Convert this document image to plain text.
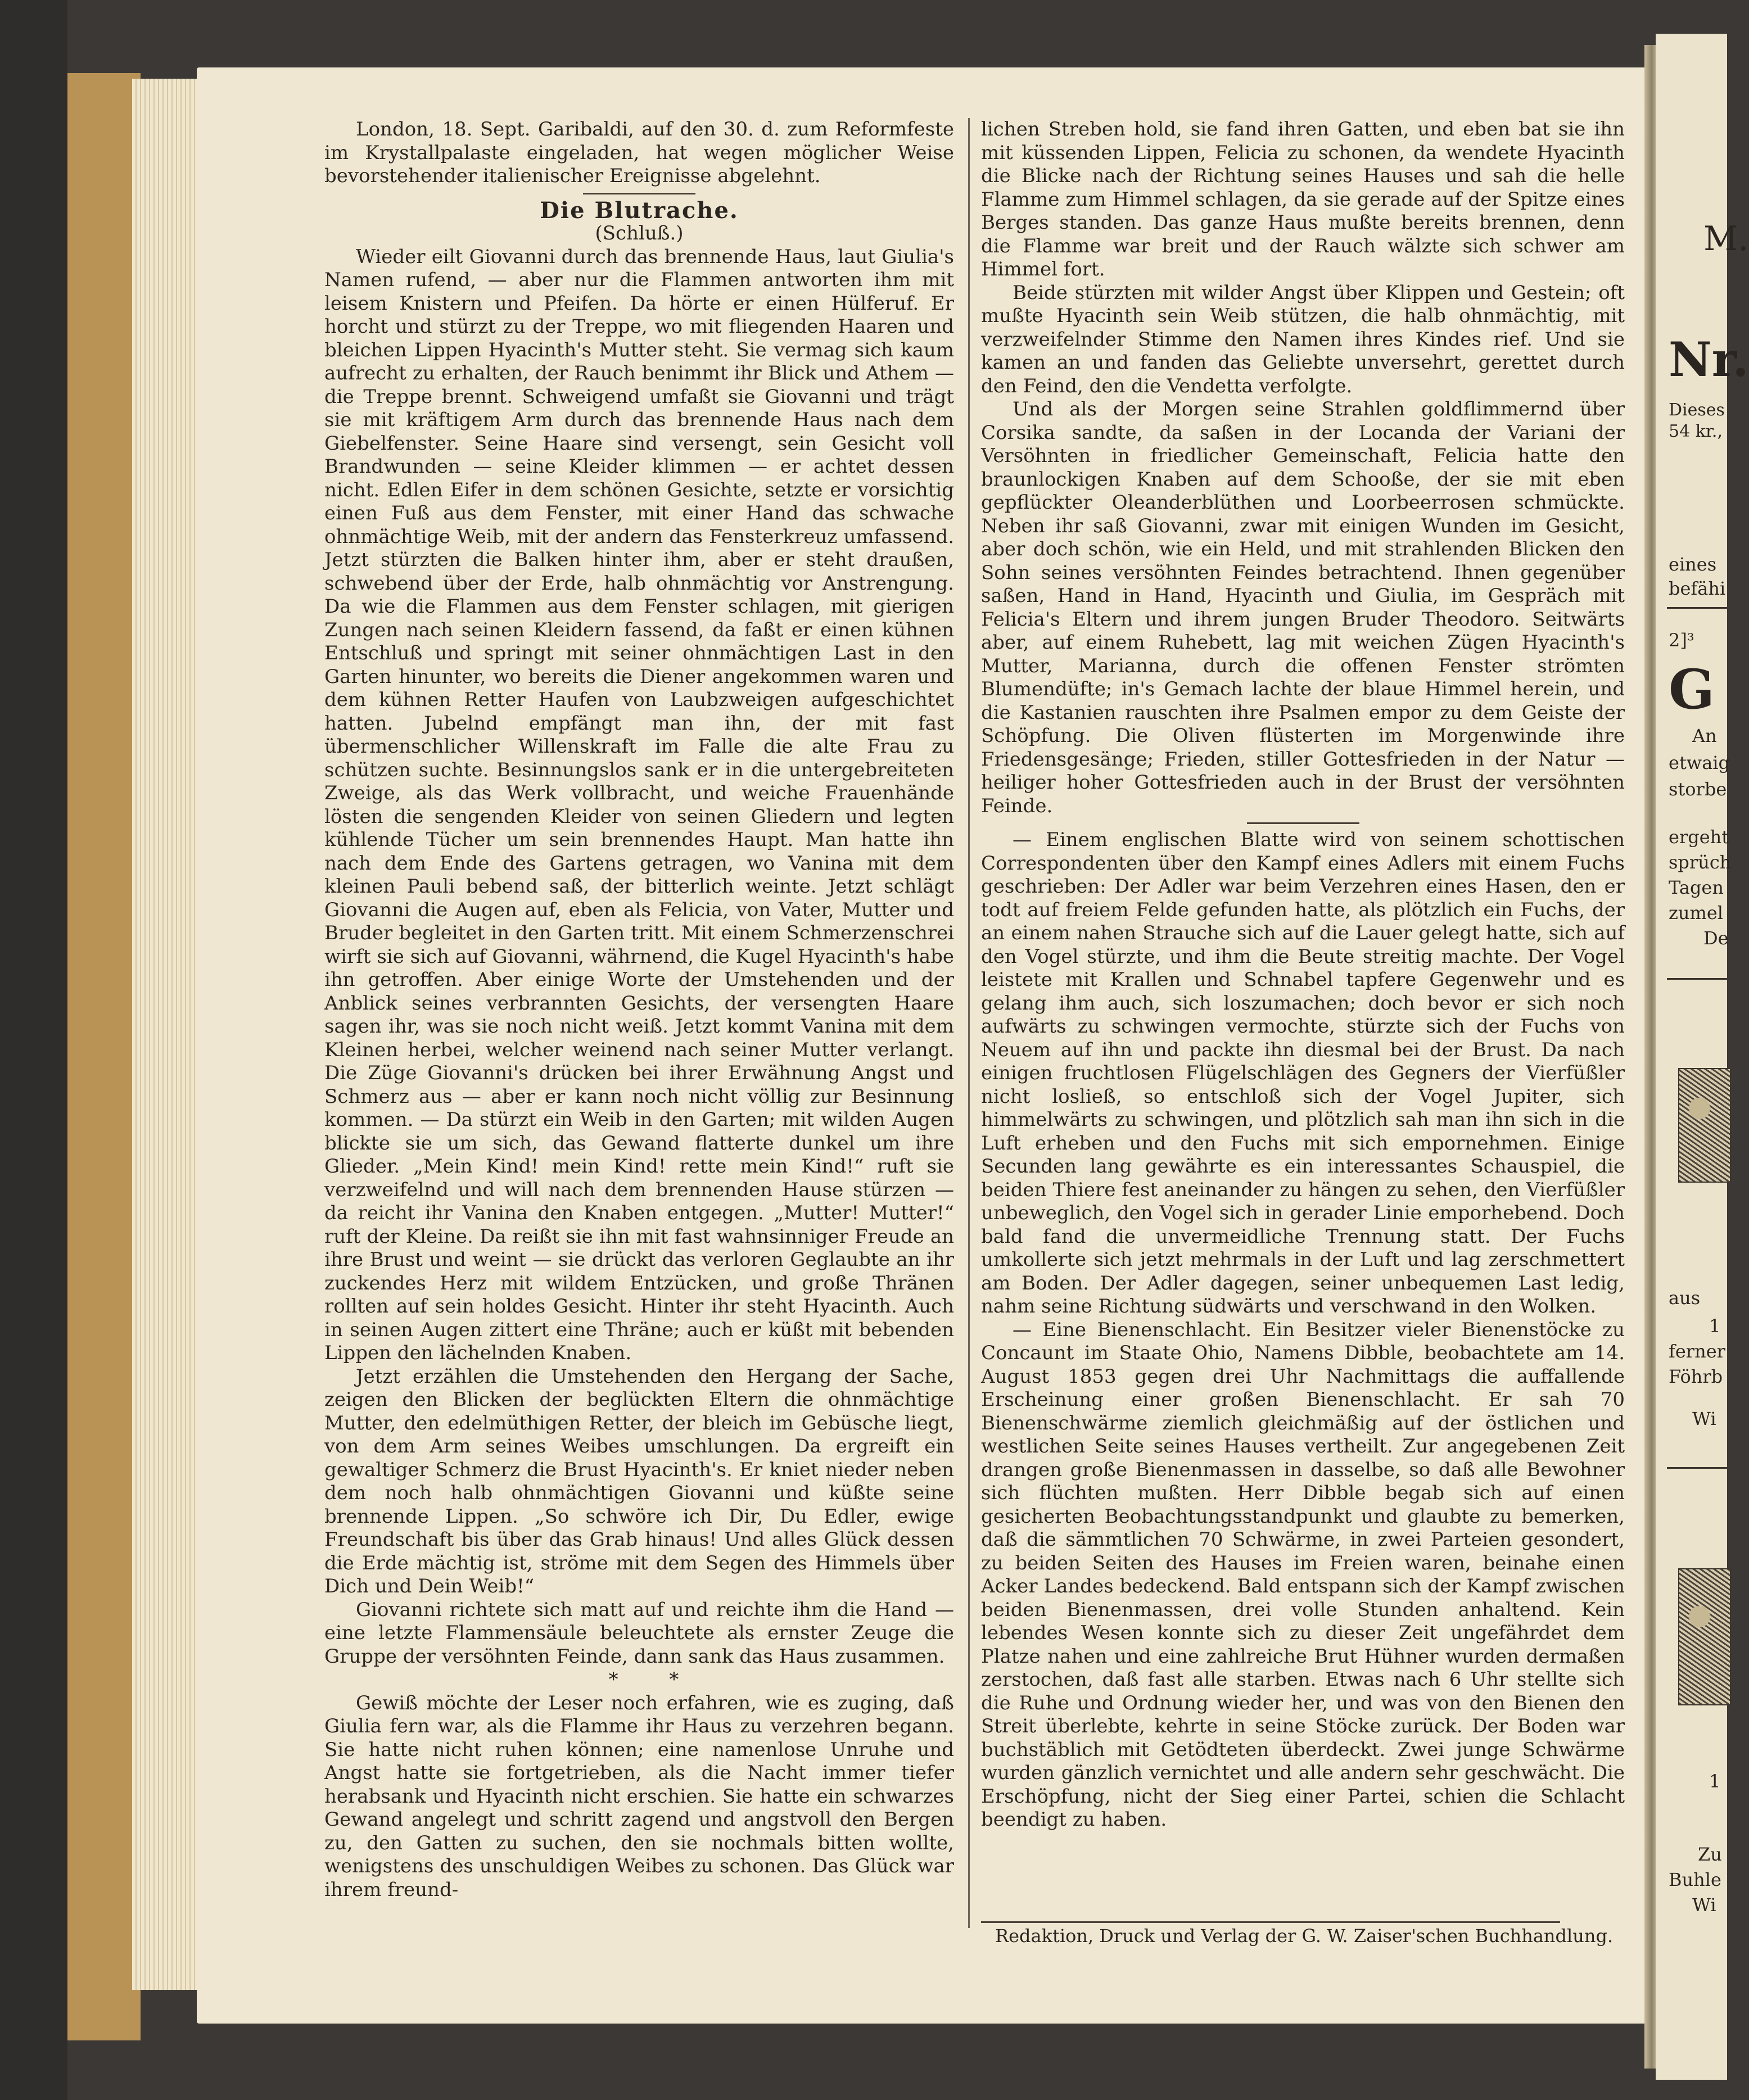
London, 18. Sept. Garibaldi, auf den 30. d. zum Reformfeste im Krystallpalaste eingeladen, hat wegen möglicher Weise bevorstehender italienischer Ereignisse abgelehnt.

Die Blutrache.

(Schluß.)

Wieder eilt Giovanni durch das brennende Haus, laut Giulia's Namen rufend, — aber nur die Flammen antworten ihm mit leisem Knistern und Pfeifen. Da hörte er einen Hülferuf. Er horcht und stürzt zu der Treppe, wo mit fliegenden Haaren und bleichen Lippen Hyacinth's Mutter steht. Sie vermag sich kaum aufrecht zu erhalten, der Rauch benimmt ihr Blick und Athem — die Treppe brennt. Schweigend umfaßt sie Giovanni und trägt sie mit kräftigem Arm durch das brennende Haus nach dem Giebelfenster. Seine Haare sind versengt, sein Gesicht voll Brandwunden — seine Kleider klimmen — er achtet dessen nicht. Edlen Eifer in dem schönen Gesichte, setzte er vorsichtig einen Fuß aus dem Fenster, mit einer Hand das schwache ohnmächtige Weib, mit der andern das Fensterkreuz umfassend. Jetzt stürzten die Balken hinter ihm, aber er steht draußen, schwebend über der Erde, halb ohnmächtig vor Anstrengung. Da wie die Flammen aus dem Fenster schlagen, mit gierigen Zungen nach seinen Kleidern fassend, da faßt er einen kühnen Entschluß und springt mit seiner ohnmächtigen Last in den Garten hinunter, wo bereits die Diener angekommen waren und dem kühnen Retter Haufen von Laubzweigen aufgeschichtet hatten. Jubelnd empfängt man ihn, der mit fast übermenschlicher Willenskraft im Falle die alte Frau zu schützen suchte. Besinnungslos sank er in die untergebreiteten Zweige, als das Werk vollbracht, und weiche Frauenhände lösten die sengenden Kleider von seinen Gliedern und legten kühlende Tücher um sein brennendes Haupt. Man hatte ihn nach dem Ende des Gartens getragen, wo Vanina mit dem kleinen Pauli bebend saß, der bitterlich weinte. Jetzt schlägt Giovanni die Augen auf, eben als Felicia, von Vater, Mutter und Bruder begleitet in den Garten tritt. Mit einem Schmerzenschrei wirft sie sich auf Giovanni, währnend, die Kugel Hyacinth's habe ihn getroffen. Aber einige Worte der Umstehenden und der Anblick seines verbrannten Gesichts, der versengten Haare sagen ihr, was sie noch nicht weiß. Jetzt kommt Vanina mit dem Kleinen herbei, welcher weinend nach seiner Mutter verlangt. Die Züge Giovanni's drücken bei ihrer Erwähnung Angst und Schmerz aus — aber er kann noch nicht völlig zur Besinnung kommen. — Da stürzt ein Weib in den Garten; mit wilden Augen blickte sie um sich, das Gewand flatterte dunkel um ihre Glieder. „Mein Kind! mein Kind! rette mein Kind!“ ruft sie verzweifelnd und will nach dem brennenden Hause stürzen — da reicht ihr Vanina den Knaben entgegen. „Mutter! Mutter!“ ruft der Kleine. Da reißt sie ihn mit fast wahnsinniger Freude an ihre Brust und weint — sie drückt das verloren Geglaubte an ihr zuckendes Herz mit wildem Entzücken, und große Thränen rollten auf sein holdes Gesicht. Hinter ihr steht Hyacinth. Auch in seinen Augen zittert eine Thräne; auch er küßt mit bebenden Lippen den lächelnden Knaben.

Jetzt erzählen die Umstehenden den Hergang der Sache, zeigen den Blicken der beglückten Eltern die ohnmächtige Mutter, den edelmüthigen Retter, der bleich im Gebüsche liegt, von dem Arm seines Weibes umschlungen. Da ergreift ein gewaltiger Schmerz die Brust Hyacinth's. Er kniet nieder neben dem noch halb ohnmächtigen Giovanni und küßte seine brennende Lippen. „So schwöre ich Dir, Du Edler, ewige Freundschaft bis über das Grab hinaus! Und alles Glück dessen die Erde mächtig ist, ströme mit dem Segen des Himmels über Dich und Dein Weib!“

Giovanni richtete sich matt auf und reichte ihm die Hand — eine letzte Flammensäule beleuchtete als ernster Zeuge die Gruppe der versöhnten Feinde, dann sank das Haus zusammen.

* *

Gewiß möchte der Leser noch erfahren, wie es zuging, daß Giulia fern war, als die Flamme ihr Haus zu verzehren begann. Sie hatte nicht ruhen können; eine namenlose Unruhe und Angst hatte sie fortgetrieben, als die Nacht immer tiefer herabsank und Hyacinth nicht erschien. Sie hatte ein schwarzes Gewand angelegt und schritt zagend und angstvoll den Bergen zu, den Gatten zu suchen, den sie nochmals bitten wollte, wenigstens des unschuldigen Weibes zu schonen. Das Glück war ihrem freund-

lichen Streben hold, sie fand ihren Gatten, und eben bat sie ihn mit küssenden Lippen, Felicia zu schonen, da wendete Hyacinth die Blicke nach der Richtung seines Hauses und sah die helle Flamme zum Himmel schlagen, da sie gerade auf der Spitze eines Berges standen. Das ganze Haus mußte bereits brennen, denn die Flamme war breit und der Rauch wälzte sich schwer am Himmel fort.

Beide stürzten mit wilder Angst über Klippen und Gestein; oft mußte Hyacinth sein Weib stützen, die halb ohnmächtig, mit verzweifelnder Stimme den Namen ihres Kindes rief. Und sie kamen an und fanden das Geliebte unversehrt, gerettet durch den Feind, den die Vendetta verfolgte.

Und als der Morgen seine Strahlen goldflimmernd über Corsika sandte, da saßen in der Locanda der Variani der Versöhnten in friedlicher Gemeinschaft, Felicia hatte den braunlockigen Knaben auf dem Schooße, der sie mit eben gepflückter Oleanderblüthen und Loorbeerrosen schmückte. Neben ihr saß Giovanni, zwar mit einigen Wunden im Gesicht, aber doch schön, wie ein Held, und mit strahlenden Blicken den Sohn seines versöhnten Feindes betrachtend. Ihnen gegenüber saßen, Hand in Hand, Hyacinth und Giulia, im Gespräch mit Felicia's Eltern und ihrem jungen Bruder Theodoro. Seitwärts aber, auf einem Ruhebett, lag mit weichen Zügen Hyacinth's Mutter, Marianna, durch die offenen Fenster strömten Blumendüfte; in's Gemach lachte der blaue Himmel herein, und die Kastanien rauschten ihre Psalmen empor zu dem Geiste der Schöpfung. Die Oliven flüsterten im Morgenwinde ihre Friedensgesänge; Frieden, stiller Gottesfrieden in der Natur — heiliger hoher Gottesfrieden auch in der Brust der versöhnten Feinde.

— Einem englischen Blatte wird von seinem schottischen Correspondenten über den Kampf eines Adlers mit einem Fuchs geschrieben: Der Adler war beim Verzehren eines Hasen, den er todt auf freiem Felde gefunden hatte, als plötzlich ein Fuchs, der an einem nahen Strauche sich auf die Lauer gelegt hatte, sich auf den Vogel stürzte, und ihm die Beute streitig machte. Der Vogel leistete mit Krallen und Schnabel tapfere Gegenwehr und es gelang ihm auch, sich loszumachen; doch bevor er sich noch aufwärts zu schwingen vermochte, stürzte sich der Fuchs von Neuem auf ihn und packte ihn diesmal bei der Brust. Da nach einigen fruchtlosen Flügelschlägen des Gegners der Vierfüßler nicht losließ, so entschloß sich der Vogel Jupiter, sich himmelwärts zu schwingen, und plötzlich sah man ihn sich in die Luft erheben und den Fuchs mit sich empornehmen. Einige Secunden lang gewährte es ein interessantes Schauspiel, die beiden Thiere fest aneinander zu hängen zu sehen, den Vierfüßler unbeweglich, den Vogel sich in gerader Linie emporhebend. Doch bald fand die unvermeidliche Trennung statt. Der Fuchs umkollerte sich jetzt mehrmals in der Luft und lag zerschmettert am Boden. Der Adler dagegen, seiner unbequemen Last ledig, nahm seine Richtung südwärts und verschwand in den Wolken.

— Eine Bienenschlacht. Ein Besitzer vieler Bienenstöcke zu Concaunt im Staate Ohio, Namens Dibble, beobachtete am 14. August 1853 gegen drei Uhr Nachmittags die auffallende Erscheinung einer großen Bienenschlacht. Er sah 70 Bienenschwärme ziemlich gleichmäßig auf der östlichen und westlichen Seite seines Hauses vertheilt. Zur angegebenen Zeit drangen große Bienenmassen in dasselbe, so daß alle Bewohner sich flüchten mußten. Herr Dibble begab sich auf einen gesicherten Beobachtungsstandpunkt und glaubte zu bemerken, daß die sämmtlichen 70 Schwärme, in zwei Parteien gesondert, zu beiden Seiten des Hauses im Freien waren, beinahe einen Acker Landes bedeckend. Bald entspann sich der Kampf zwischen beiden Bienenmassen, drei volle Stunden anhaltend. Kein lebendes Wesen konnte sich zu dieser Zeit ungefährdet dem Platze nahen und eine zahlreiche Brut Hühner wurden dermaßen zerstochen, daß fast alle starben. Etwas nach 6 Uhr stellte sich die Ruhe und Ordnung wieder her, und was von den Bienen den Streit überlebte, kehrte in seine Stöcke zurück. Der Boden war buchstäblich mit Getödteten überdeckt. Zwei junge Schwärme wurden gänzlich vernichtet und alle andern sehr geschwächt. Die Erschöpfung, nicht der Sieg einer Partei, schien die Schlacht beendigt zu haben.

Redaktion, Druck und Verlag der G. W. Zaiser'schen Buchhandlung.
M.
Nr.
Dieses
54 kr.,
eines
befähi
2]³
G
An
etwaig
storbe
ergeht
sprüch
Tagen
zumel
De
aus
1
ferner
Föhrb
Wi
1
Zu
Buhle
Wi
